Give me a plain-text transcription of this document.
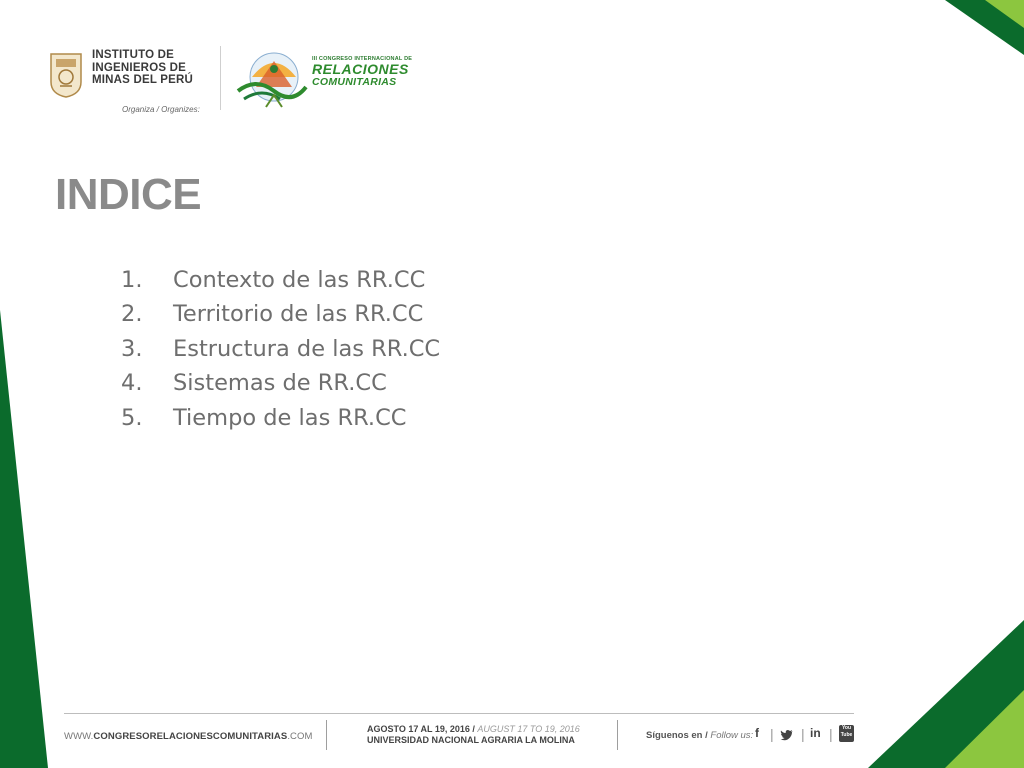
INSTITUTO DE INGENIEROS DE MINAS DEL PERÚ
Organiza / Organizes:
III CONGRESO INTERNACIONAL DE
RELACIONES
COMUNITARIAS
INDICE
1. Contexto de las RR.CC
2. Territorio de las RR.CC
3. Estructura de las RR.CC
4. Sistemas de RR.CC
5. Tiempo de las RR.CC
WWW.CONGRESORELACIONESCOMUNITARIAS.COM
AGOSTO 17 AL 19, 2016 / AUGUST 17 TO 19, 2016
UNIVERSIDAD NACIONAL AGRARIA LA MOLINA	Síguenos en / Follow us: f | | in |	You Tube
